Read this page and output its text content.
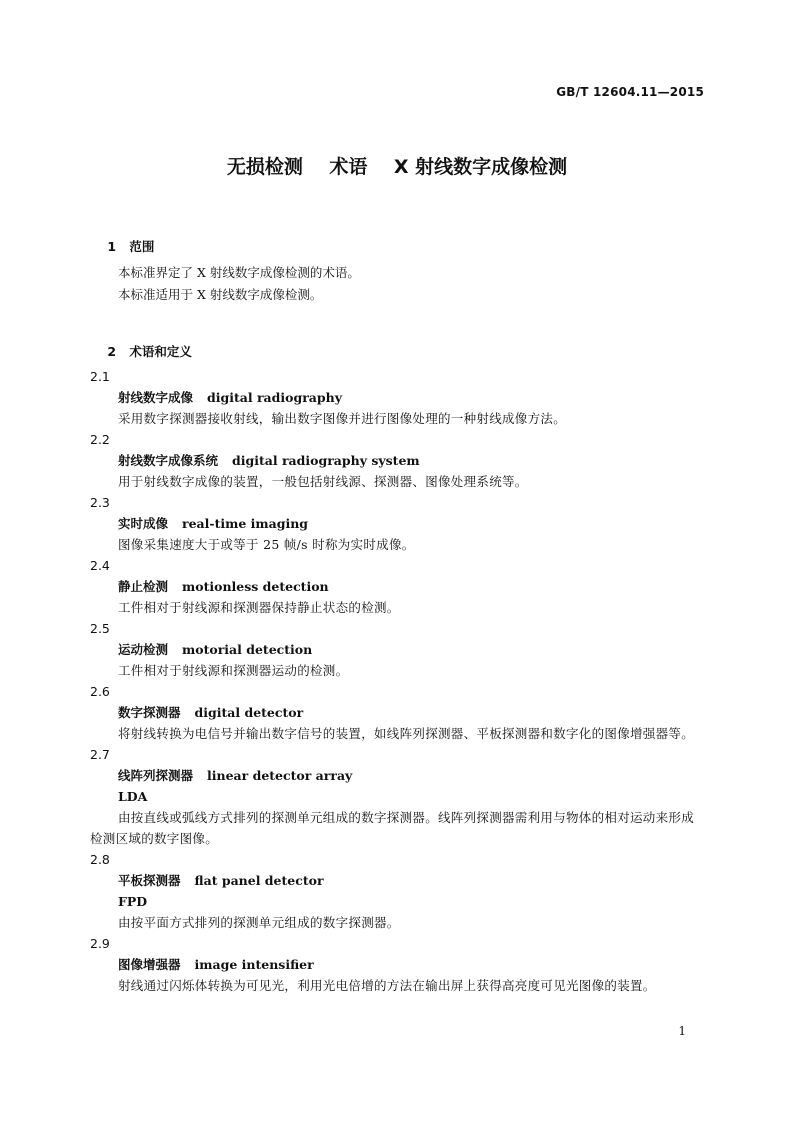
GB/T 12604.11—2015
无损检测    术语    X 射线数字成像检测

1 范围

本标准界定了 X 射线数字成像检测的术语。
本标准适用于 X 射线数字成像检测。

2 术语和定义

2.1
射线数字成像 digital radiography
采用数字探测器接收射线，输出数字图像并进行图像处理的一种射线成像方法。
2.2
射线数字成像系统 digital radiography system
用于射线数字成像的装置，一般包括射线源、探测器、图像处理系统等。
2.3
实时成像 real-time imaging
图像采集速度大于或等于 25 帧/s 时称为实时成像。
2.4
静止检测 motionless detection
工件相对于射线源和探测器保持静止状态的检测。
2.5
运动检测 motorial detection
工件相对于射线源和探测器运动的检测。
2.6
数字探测器 digital detector
将射线转换为电信号并输出数字信号的装置，如线阵列探测器、平板探测器和数字化的图像增强器等。
2.7
线阵列探测器 linear detector array
LDA
由按直线或弧线方式排列的探测单元组成的数字探测器。线阵列探测器需利用与物体的相对运动来形成检测区域的数字图像。
2.8
平板探测器 flat panel detector
FPD
由按平面方式排列的探测单元组成的数字探测器。
2.9
图像增强器 image intensifier
射线通过闪烁体转换为可见光，利用光电倍增的方法在输出屏上获得高亮度可见光图像的装置。
1
